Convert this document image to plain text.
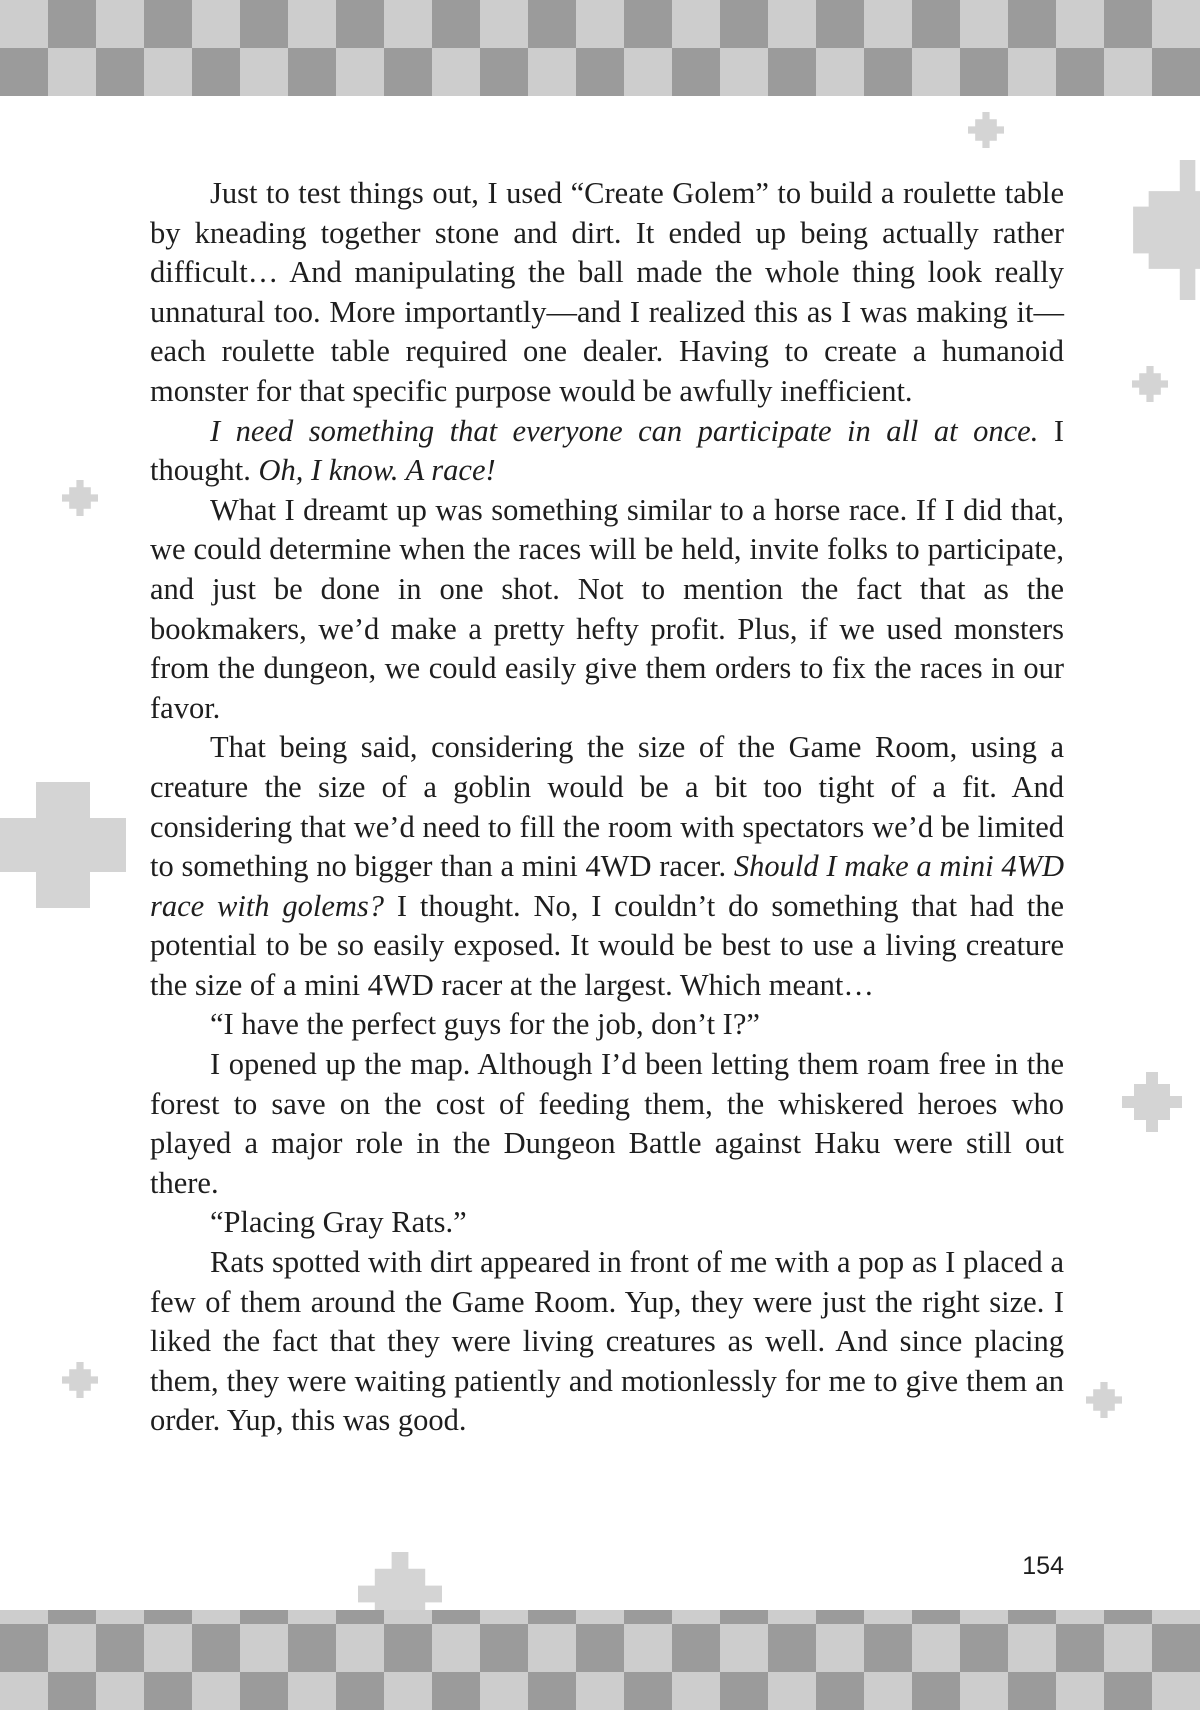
Just to test things out, I used “Create Golem” to build a roulette table by kneading together stone and dirt. It ended up being actually rather difficult… And manipulating the ball made the whole thing look really unnatural too. More importantly—and I realized this as I was making it—each roulette table required one dealer. Having to create a humanoid monster for that specific purpose would be awfully inefficient.

I need something that everyone can participate in all at once. I thought. Oh, I know. A race!

What I dreamt up was something similar to a horse race. If I did that, we could determine when the races will be held, invite folks to participate, and just be done in one shot. Not to mention the fact that as the bookmakers, we’d make a pretty hefty profit. Plus, if we used monsters from the dungeon, we could easily give them orders to fix the races in our favor.

That being said, considering the size of the Game Room, using a creature the size of a goblin would be a bit too tight of a fit. And considering that we’d need to fill the room with spectators we’d be limited to something no bigger than a mini 4WD racer. Should I make a mini 4WD race with golems? I thought. No, I couldn’t do something that had the potential to be so easily exposed. It would be best to use a living creature the size of a mini 4WD racer at the largest. Which meant…

“I have the perfect guys for the job, don’t I?”

I opened up the map. Although I’d been letting them roam free in the forest to save on the cost of feeding them, the whiskered heroes who played a major role in the Dungeon Battle against Haku were still out there.

“Placing Gray Rats.”

Rats spotted with dirt appeared in front of me with a pop as I placed a few of them around the Game Room. Yup, they were just the right size. I liked the fact that they were living creatures as well. And since placing them, they were waiting patiently and motionlessly for me to give them an order. Yup, this was good.

154
